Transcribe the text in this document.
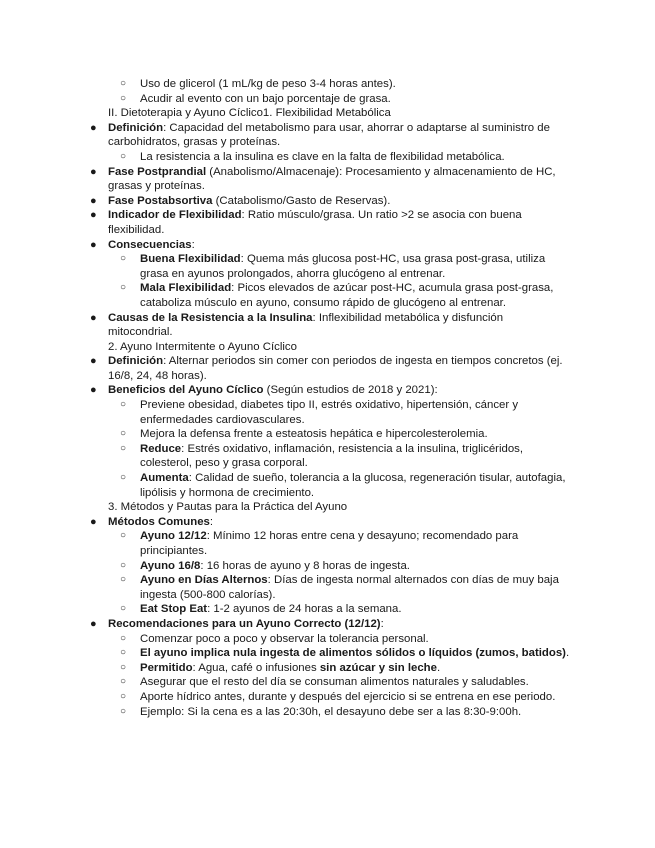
○ Uso de glicerol (1 mL/kg de peso 3-4 horas antes).
○ Acudir al evento con un bajo porcentaje de grasa.
II. Dietoterapia y Ayuno Cíclico1. Flexibilidad Metabólica
● Definición: Capacidad del metabolismo para usar, ahorrar o adaptarse al suministro de carbohidratos, grasas y proteínas.
○ La resistencia a la insulina es clave en la falta de flexibilidad metabólica.
● Fase Postprandial (Anabolismo/Almacenaje): Procesamiento y almacenamiento de HC, grasas y proteínas.
● Fase Postabsortiva (Catabolismo/Gasto de Reservas).
● Indicador de Flexibilidad: Ratio músculo/grasa. Un ratio >2 se asocia con buena flexibilidad.
● Consecuencias:
○ Buena Flexibilidad: Quema más glucosa post-HC, usa grasa post-grasa, utiliza grasa en ayunos prolongados, ahorra glucógeno al entrenar.
○ Mala Flexibilidad: Picos elevados de azúcar post-HC, acumula grasa post-grasa, cataboliza músculo en ayuno, consumo rápido de glucógeno al entrenar.
● Causas de la Resistencia a la Insulina: Inflexibilidad metabólica y disfunción mitocondrial.
2. Ayuno Intermitente o Ayuno Cíclico
● Definición: Alternar periodos sin comer con periodos de ingesta en tiempos concretos (ej. 16/8, 24, 48 horas).
● Beneficios del Ayuno Cíclico (Según estudios de 2018 y 2021):
○ Previene obesidad, diabetes tipo II, estrés oxidativo, hipertensión, cáncer y enfermedades cardiovasculares.
○ Mejora la defensa frente a esteatosis hepática e hipercolesterolemia.
○ Reduce: Estrés oxidativo, inflamación, resistencia a la insulina, triglicéridos, colesterol, peso y grasa corporal.
○ Aumenta: Calidad de sueño, tolerancia a la glucosa, regeneración tisular, autofagia, lipólisis y hormona de crecimiento.
3. Métodos y Pautas para la Práctica del Ayuno
● Métodos Comunes:
○ Ayuno 12/12: Mínimo 12 horas entre cena y desayuno; recomendado para principiantes.
○ Ayuno 16/8: 16 horas de ayuno y 8 horas de ingesta.
○ Ayuno en Días Alternos: Días de ingesta normal alternados con días de muy baja ingesta (500-800 calorías).
○ Eat Stop Eat: 1-2 ayunos de 24 horas a la semana.
● Recomendaciones para un Ayuno Correcto (12/12):
○ Comenzar poco a poco y observar la tolerancia personal.
○ El ayuno implica nula ingesta de alimentos sólidos o líquidos (zumos, batidos).
○ Permitido: Agua, café o infusiones sin azúcar y sin leche.
○ Asegurar que el resto del día se consuman alimentos naturales y saludables.
○ Aporte hídrico antes, durante y después del ejercicio si se entrena en ese periodo.
○ Ejemplo: Si la cena es a las 20:30h, el desayuno debe ser a las 8:30-9:00h.
